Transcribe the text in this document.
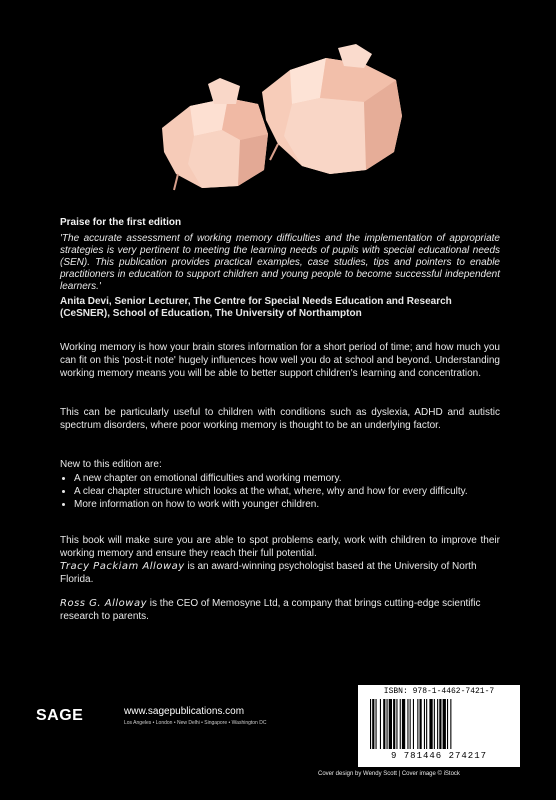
Praise for the first edition
'The accurate assessment of working memory difficulties and the implementation of appropriate strategies is very pertinent to meeting the learning needs of pupils with special educational needs (SEN). This publication provides practical examples, case studies, tips and pointers to enable practitioners in education to support children and young people to become successful independent learners.'
Anita Devi, Senior Lecturer, The Centre for Special Needs Education and Research (CeSNER), School of Education, The University of Northampton
Working memory is how your brain stores information for a short period of time; and how much you can fit on this 'post-it note' hugely influences how well you do at school and beyond. Understanding working memory means you will be able to better support children's learning and concentration.
This can be particularly useful to children with conditions such as dyslexia, ADHD and autistic spectrum disorders, where poor working memory is thought to be an underlying factor.
New to this edition are:
• A new chapter on emotional difficulties and working memory.
• A clear chapter structure which looks at the what, where, why and how for every difficulty.
• More information on how to work with younger children.
This book will make sure you are able to spot problems early, work with children to improve their working memory and ensure they reach their full potential.
Tracy Packiam Alloway is an award-winning psychologist based at the University of North Florida.
Ross G. Alloway is the CEO of Memosyne Ltd, a company that brings cutting-edge scientific research to parents.
SAGE	www.sagepublications.com
Los Angeles • London • New Delhi • Singapore • Washington DC
ISBN: 978-1-4462-7421-7
9 781446 274217
Cover design by Wendy Scott | Cover image © iStock
